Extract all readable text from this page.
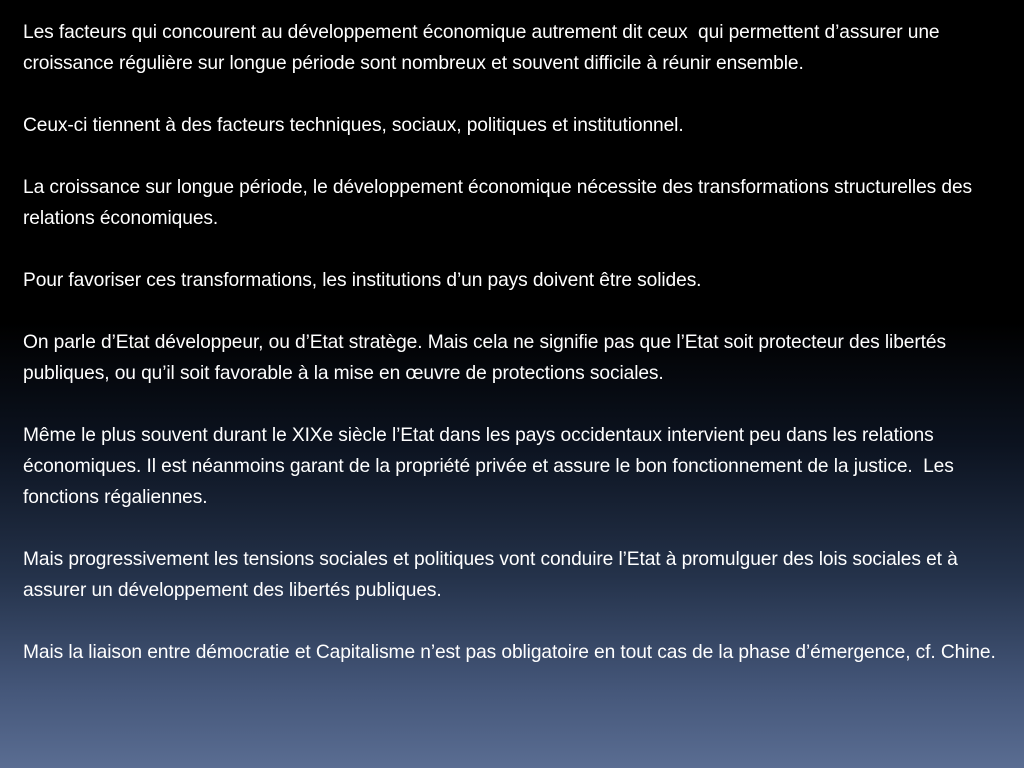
Les facteurs qui concourent au développement économique autrement dit ceux  qui permettent d’assurer une croissance régulière sur longue période sont nombreux et souvent difficile à réunir ensemble.

Ceux-ci tiennent à des facteurs techniques, sociaux, politiques et institutionnel.

La croissance sur longue période, le développement économique nécessite des transformations structurelles des relations économiques.

Pour favoriser ces transformations, les institutions d’un pays doivent être solides.

On parle d’Etat développeur, ou d’Etat stratège. Mais cela ne signifie pas que l’Etat soit protecteur des libertés publiques, ou qu’il soit favorable à la mise en œuvre de protections sociales.

Même le plus souvent durant le XIXe siècle l’Etat dans les pays occidentaux intervient peu dans les relations économiques. Il est néanmoins garant de la propriété privée et assure le bon fonctionnement de la justice.  Les fonctions régaliennes.

Mais progressivement les tensions sociales et politiques vont conduire l’Etat à promulguer des lois sociales et à assurer un développement des libertés publiques.

Mais la liaison entre démocratie et Capitalisme n’est pas obligatoire en tout cas de la phase d’émergence, cf. Chine.
